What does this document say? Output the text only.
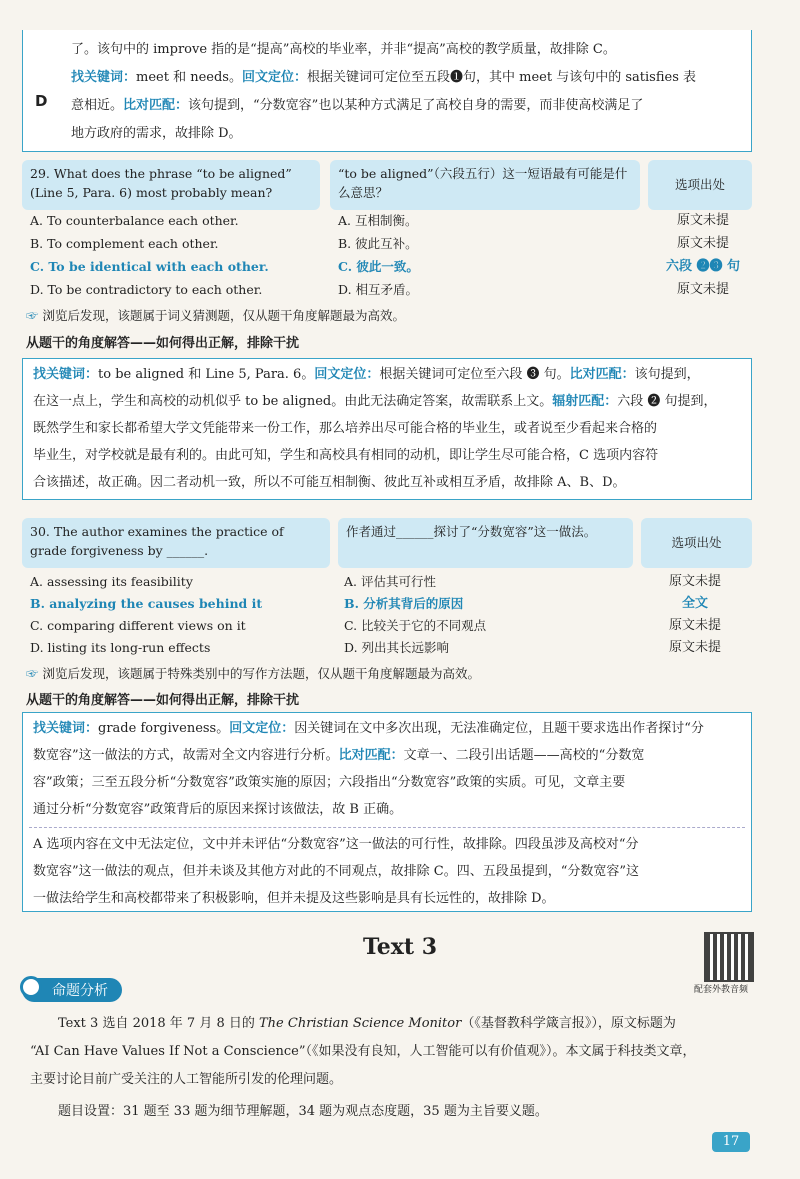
了。该句中的 improve 指的是“提高”高校的毕业率，并非“提高”高校的教学质量，故排除 C。
D
找关键词：meet 和 needs。回文定位：根据关键词可定位至五段❶句，其中 meet 与该句中的 satisfies 表
意相近。比对匹配：该句提到，“分数宽容”也以某种方式满足了高校自身的需要，而非使高校满足了
地方政府的需求，故排除 D。
29. What does the phrase “to be aligned” (Line 5, Para. 6) most probably mean?
“to be aligned”（六段五行）这一短语最有可能是什么意思？
选项出处
A. To counterbalance each other.	A. 互相制衡。	原文未提
B. To complement each other.	B. 彼此互补。	原文未提
C. To be identical with each other.	C. 彼此一致。	六段 ❷❸ 句
D. To be contradictory to each other.	D. 相互矛盾。	原文未提
☞ 浏览后发现，该题属于词义猜测题，仅从题干角度解题最为高效。
从题干的角度解答——如何得出正解，排除干扰
找关键词：to be aligned 和 Line 5, Para. 6。回文定位：根据关键词可定位至六段 ❸ 句。比对匹配：该句提到，
在这一点上，学生和高校的动机似乎 to be aligned。由此无法确定答案，故需联系上文。辐射匹配：六段 ❷ 句提到，
既然学生和家长都希望大学文凭能带来一份工作，那么培养出尽可能合格的毕业生，或者说至少看起来合格的
毕业生，对学校就是最有利的。由此可知，学生和高校具有相同的动机，即让学生尽可能合格，C 选项内容符
合该描述，故正确。因二者动机一致，所以不可能互相制衡、彼此互补或相互矛盾，故排除 A、B、D。
30. The author examines the practice of grade forgiveness by ______.
作者通过______探讨了“分数宽容”这一做法。
选项出处
A. assessing its feasibility	A. 评估其可行性	原文未提
B. analyzing the causes behind it	B. 分析其背后的原因	全文
C. comparing different views on it	C. 比较关于它的不同观点	原文未提
D. listing its long-run effects	D. 列出其长远影响	原文未提
☞ 浏览后发现，该题属于特殊类别中的写作方法题，仅从题干角度解题最为高效。
从题干的角度解答——如何得出正解，排除干扰
找关键词：grade forgiveness。回文定位：因关键词在文中多次出现，无法准确定位，且题干要求选出作者探讨“分
数宽容”这一做法的方式，故需对全文内容进行分析。比对匹配：文章一、二段引出话题——高校的“分数宽
容”政策；三至五段分析“分数宽容”政策实施的原因；六段指出“分数宽容”政策的实质。可见，文章主要
通过分析“分数宽容”政策背后的原因来探讨该做法，故 B 正确。
A 选项内容在文中无法定位，文中并未评估“分数宽容”这一做法的可行性，故排除。四段虽涉及高校对“分
数宽容”这一做法的观点，但并未谈及其他方对此的不同观点，故排除 C。四、五段虽提到，“分数宽容”这
一做法给学生和高校都带来了积极影响，但并未提及这些影响是具有长远性的，故排除 D。
Text 3
配套外教音频
命题分析
Text 3 选自 2018 年 7 月 8 日的 The Christian Science Monitor（《基督教科学箴言报》），原文标题为
“AI Can Have Values If Not a Conscience”（《如果没有良知，人工智能可以有价值观》）。本文属于科技类文章，
主要讨论目前广受关注的人工智能所引发的伦理问题。
题目设置：31 题至 33 题为细节理解题，34 题为观点态度题，35 题为主旨要义题。
17
